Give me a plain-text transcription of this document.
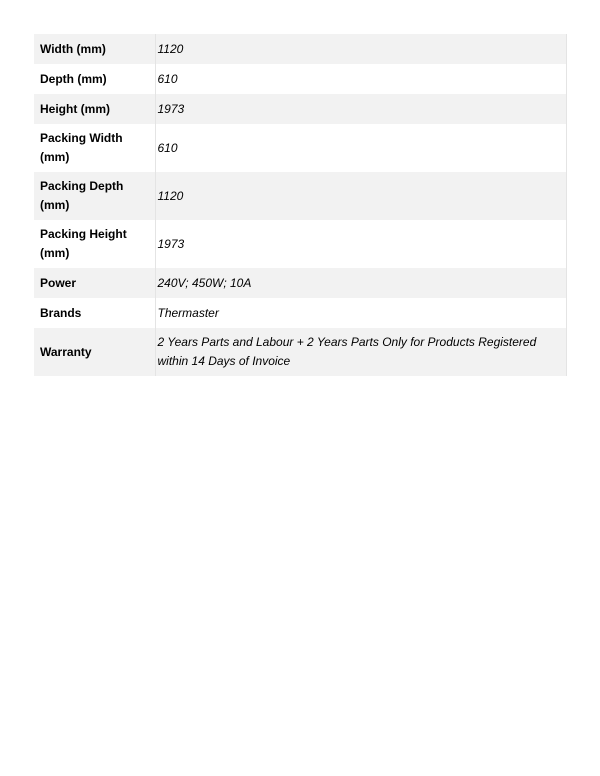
Width (mm)	1120
Depth (mm)	610
Height (mm)	1973
Packing Width (mm)	610
Packing Depth (mm)	1120
Packing Height (mm)	1973
Power	240V; 450W; 10A
Brands	Thermaster
Warranty	2 Years Parts and Labour + 2 Years Parts Only for Products Registered within 14 Days of Invoice
